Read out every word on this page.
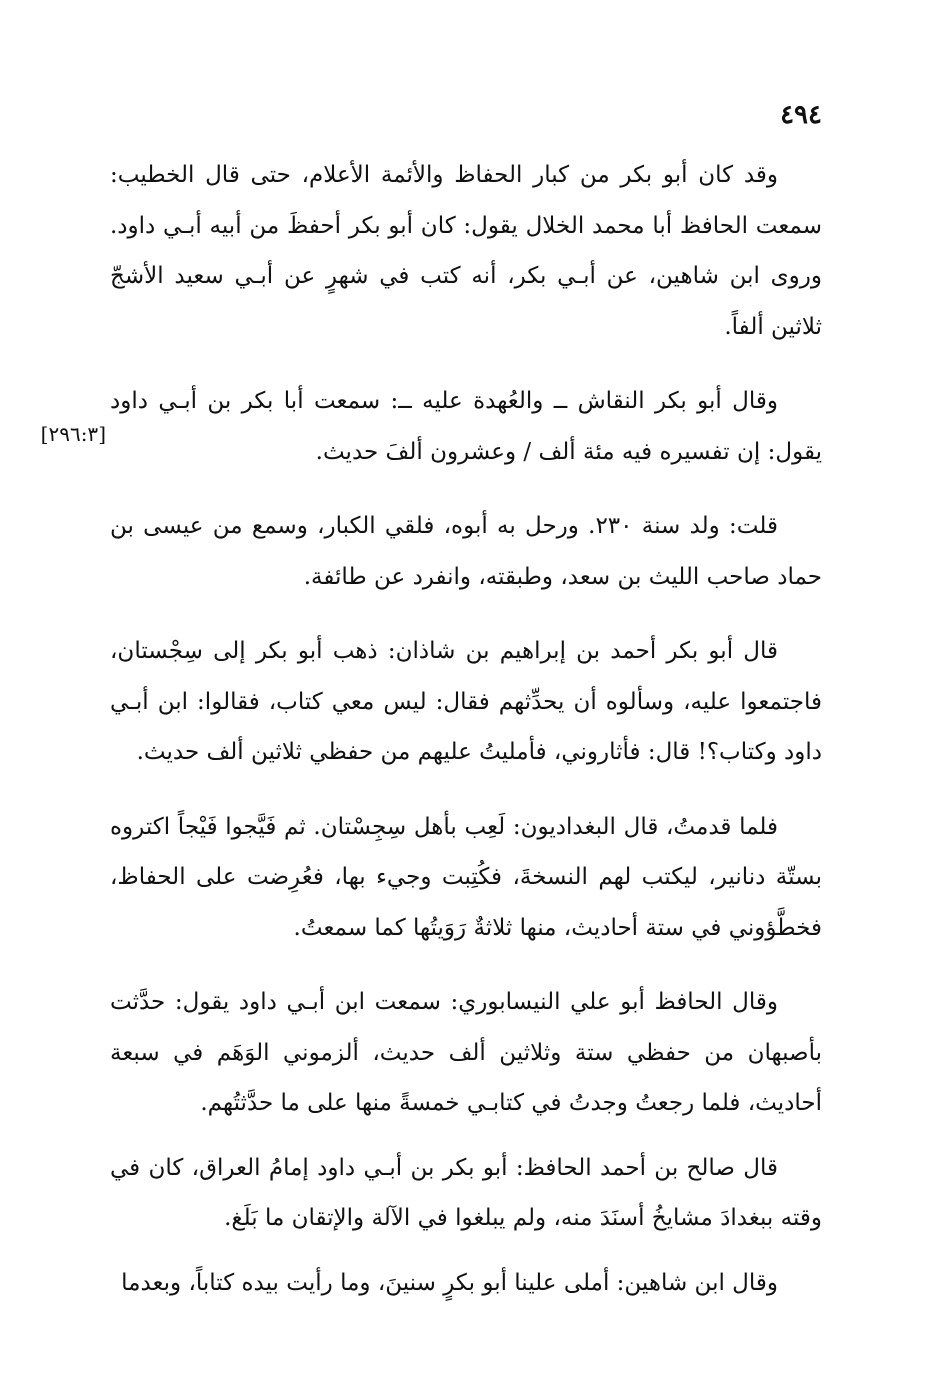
٤٩٤
[٢٩٦:٣]

وقد كان أبو بكر من كبار الحفاظ والأئمة الأعلام، حتى قال الخطيب: سمعت الحافظ أبا محمد الخلال يقول: كان أبو بكر أحفظَ من أبيه أبـي داود. وروى ابن شاهين، عن أبـي بكر، أنه كتب في شهرٍ عن أبـي سعيد الأشجّ ثلاثين ألفاً.

وقال أبو بكر النقاش ــ والعُهدة عليه ــ: سمعت أبا بكر بن أبـي داود يقول: إن تفسيره فيه مئة ألف / وعشرون ألفَ حديث.

قلت: ولد سنة ٢٣٠. ورحل به أبوه، فلقي الكبار، وسمع من عيسى بن حماد صاحب الليث بن سعد، وطبقته، وانفرد عن طائفة.

قال أبو بكر أحمد بن إبراهيم بن شاذان: ذهب أبو بكر إلى سِجْستان، فاجتمعوا عليه، وسألوه أن يحدِّثهم فقال: ليس معي كتاب، فقالوا: ابن أبـي داود وكتاب؟! قال: فأثاروني، فأمليتُ عليهم من حفظي ثلاثين ألف حديث.

فلما قدمتُ، قال البغداديون: لَعِب بأهل سِجِسْتان. ثم فَيَّجوا فَيْجاً اكتروه بستّة دنانير، ليكتب لهم النسخةَ، فكُتِبت وجيء بها، فعُرِضت على الحفاظ، فخطَّؤوني في ستة أحاديث، منها ثلاثةٌ رَوَيتُها كما سمعتُ.

وقال الحافظ أبو علي النيسابوري: سمعت ابن أبـي داود يقول: حدَّثت بأصبهان من حفظي ستة وثلاثين ألف حديث، ألزموني الوَهَم في سبعة أحاديث، فلما رجعتُ وجدتُ في كتابـي خمسةً منها على ما حدَّثتُهم.

قال صالح بن أحمد الحافظ: أبو بكر بن أبـي داود إمامُ العراق، كان في وقته ببغدادَ مشايخُ أسنَدَ منه، ولم يبلغوا في الآلة والإتقان ما بَلَغ.

وقال ابن شاهين: أملى علينا أبو بكرٍ سنينَ، وما رأيت بيده كتاباً، وبعدما
